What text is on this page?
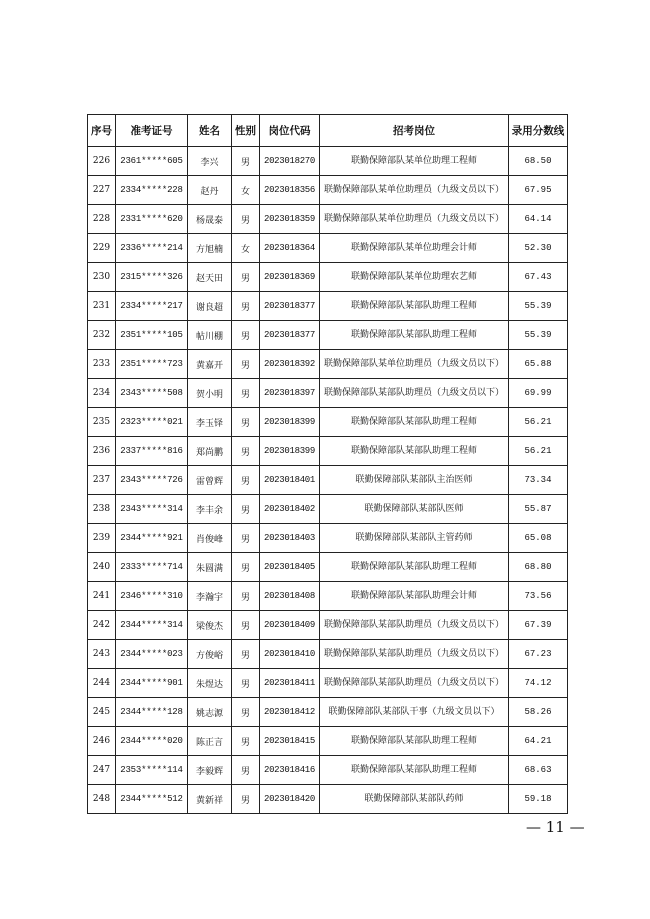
序号	准考证号	姓名	性别	岗位代码	招考岗位	录用分数线
226	2361*****605	李兴	男	2023018270	联勤保障部队某单位助理工程师	68.50
227	2334*****228	赵丹	女	2023018356	联勤保障部队某单位助理员（九级文员以下）	67.95
228	2331*****620	杨晟泰	男	2023018359	联勤保障部队某单位助理员（九级文员以下）	64.14
229	2336*****214	方旭楠	女	2023018364	联勤保障部队某单位助理会计师	52.30
230	2315*****326	赵天田	男	2023018369	联勤保障部队某单位助理农艺师	67.43
231	2334*****217	谢良超	男	2023018377	联勤保障部队某部队助理工程师	55.39
232	2351*****105	帖川棚	男	2023018377	联勤保障部队某部队助理工程师	55.39
233	2351*****723	黄嘉开	男	2023018392	联勤保障部队某单位助理员（九级文员以下）	65.88
234	2343*****508	贺小明	男	2023018397	联勤保障部队某部队助理员（九级文员以下）	69.99
235	2323*****021	李玉铎	男	2023018399	联勤保障部队某部队助理工程师	56.21
236	2337*****816	郑尚鹏	男	2023018399	联勤保障部队某部队助理工程师	56.21
237	2343*****726	雷曾辉	男	2023018401	联勤保障部队某部队主治医师	73.34
238	2343*****314	李丰余	男	2023018402	联勤保障部队某部队医师	55.87
239	2344*****921	肖俊峰	男	2023018403	联勤保障部队某部队主管药师	65.08
240	2333*****714	朱圆满	男	2023018405	联勤保障部队某部队助理工程师	68.80
241	2346*****310	李瀚宇	男	2023018408	联勤保障部队某部队助理会计师	73.56
242	2344*****314	梁俊杰	男	2023018409	联勤保障部队某部队助理员（九级文员以下）	67.39
243	2344*****023	方俊峪	男	2023018410	联勤保障部队某部队助理员（九级文员以下）	67.23
244	2344*****901	朱煜达	男	2023018411	联勤保障部队某部队助理员（九级文员以下）	74.12
245	2344*****128	姚志源	男	2023018412	联勤保障部队某部队干事（九级文员以下）	58.26
246	2344*****020	陈正言	男	2023018415	联勤保障部队某部队助理工程师	64.21
247	2353*****114	李毅辉	男	2023018416	联勤保障部队某部队助理工程师	68.63
248	2344*****512	黄新祥	男	2023018420	联勤保障部队某部队药师	59.18
— 11 —
